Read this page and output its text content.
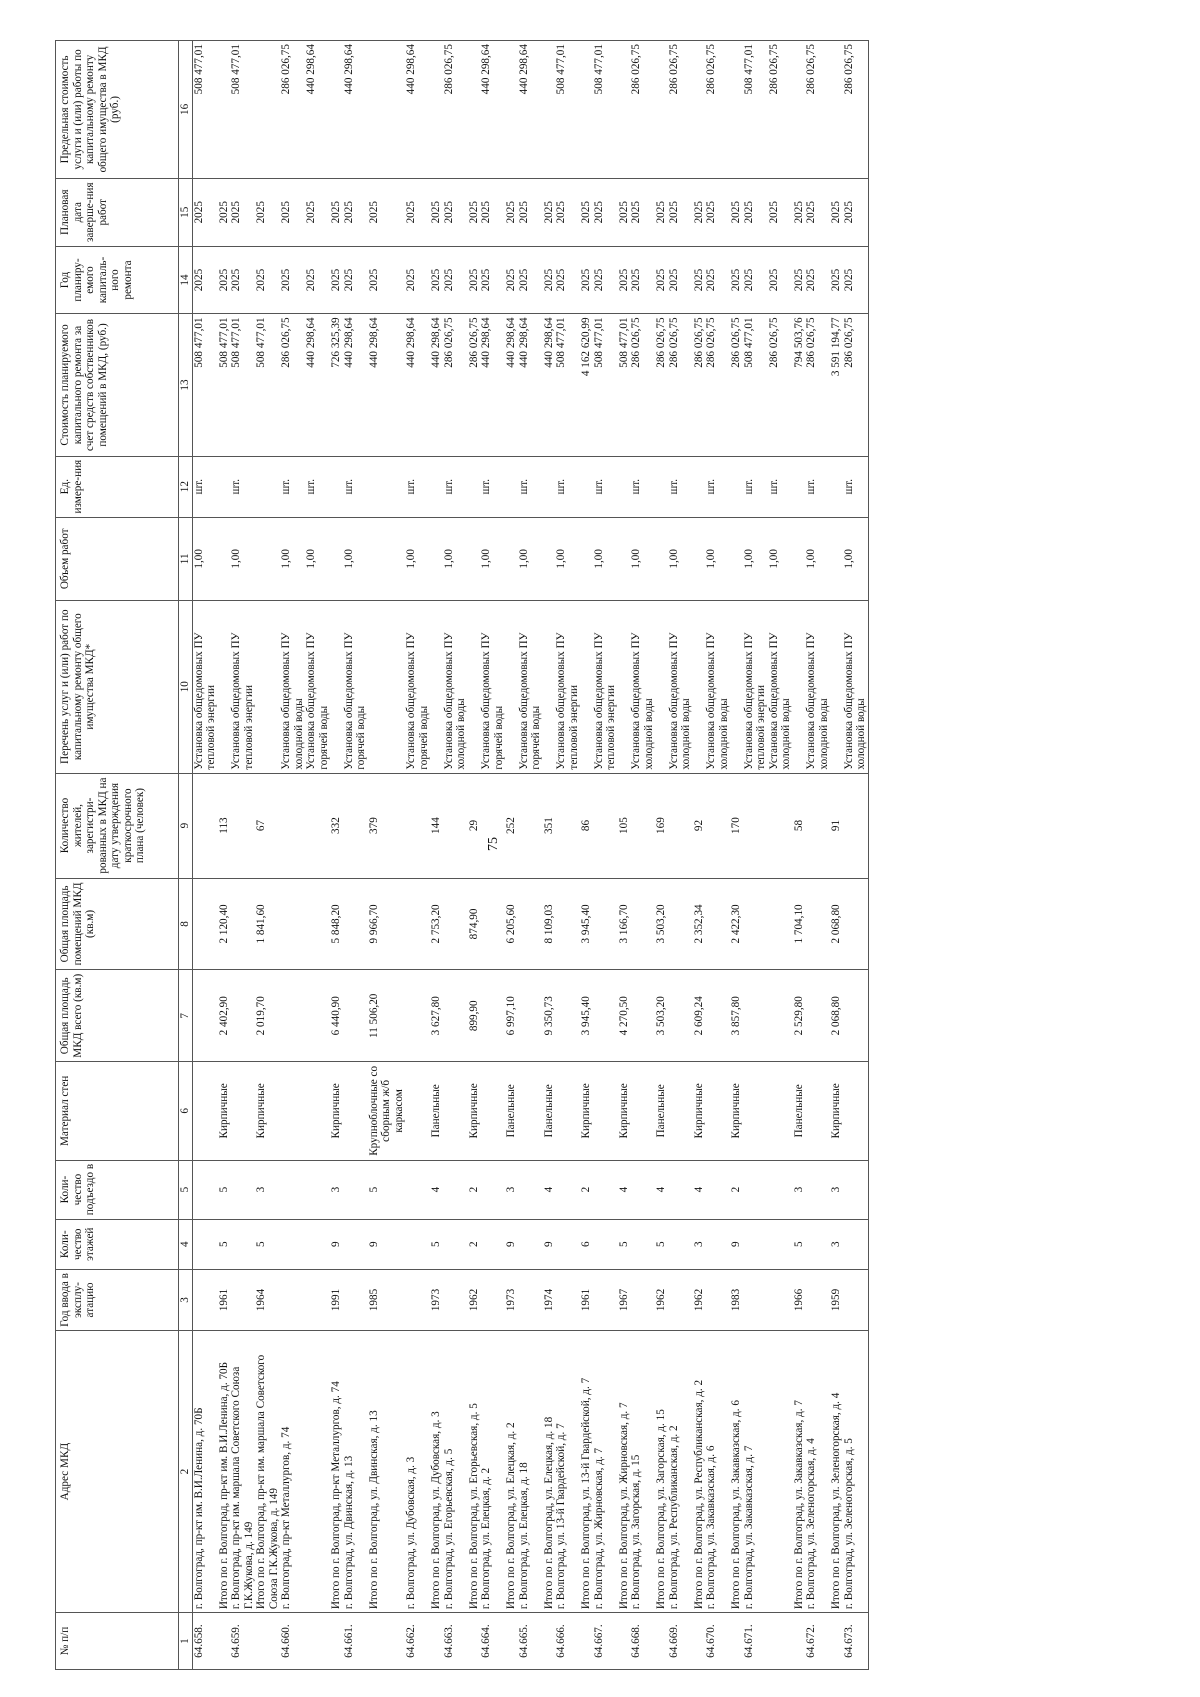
75
№ п/п	Адрес МКД	Год ввода в эксплу-атацию	Коли-чество этажей	Коли-чество подъездо в	Материал стен	Общая площадь МКД всего (кв.м)	Общая площадь помещений МКД (кв.м)	Количество жителей, зарегистри-рованных в МКД на дату утверждения краткосрочного плана (человек)	Перечень услуг и (или) работ по капитальному ремонту общего имущества МКД*	Объем работ	Ед. измере-ния	Стоимость планируемого капитального ремонта за счет средств собственников помещений в МКД, (руб.)	Год планиру-емого капиталь-ного ремонта	Плановая дата заверше-ния работ	Предельная стоимость услуги и (или) работы по капитальному ремонту общего имущества в МКД (руб.)
1	2	3	4	5	6	7	8	9	10	11	12	13	14	15	16
64.658.	г. Волгоград, пр-кт им. В.И.Ленина, д. 70Б								Установка общедомовых ПУ тепловой энергии	1,00	шт.	508 477,01	2025	2025	508 477,01
	Итого по г. Волгоград, пр-кт им. В.И.Ленина, д. 70Б	1961	5	5	Кирпичные	2 402,90	2 120,40	113				508 477,01	2025	2025	
64.659.	г. Волгоград, пр-кт им. маршала Советского Союза Г.К.Жукова, д. 149								Установка общедомовых ПУ тепловой энергии	1,00	шт.	508 477,01	2025	2025	508 477,01
	Итого по г. Волгоград, пр-кт им. маршала Советского Союза Г.К.Жукова, д. 149	1964	5	3	Кирпичные	2 019,70	1 841,60	67				508 477,01	2025	2025	
64.660.	г. Волгоград, пр-кт Металлургов, д. 74								Установка общедомовых ПУ холодной воды	1,00	шт.	286 026,75	2025	2025	286 026,75
									Установка общедомовых ПУ горячей воды	1,00	шт.	440 298,64	2025	2025	440 298,64
	Итого по г. Волгоград, пр-кт Металлургов, д. 74	1991	9	3	Кирпичные	6 440,90	5 848,20	332				726 325,39	2025	2025	
64.661.	г. Волгоград, ул. Двинская, д. 13								Установка общедомовых ПУ горячей воды	1,00	шт.	440 298,64	2025	2025	440 298,64
	Итого по г. Волгоград, ул. Двинская, д. 13	1985	9	5	Крупноблочные со сборным ж/б каркасом	11 506,20	9 966,70	379				440 298,64	2025	2025	
64.662.	г. Волгоград, ул. Дубовская, д. 3								Установка общедомовых ПУ горячей воды	1,00	шт.	440 298,64	2025	2025	440 298,64
	Итого по г. Волгоград, ул. Дубовская, д. 3	1973	5	4	Панельные	3 627,80	2 753,20	144				440 298,64	2025	2025	
64.663.	г. Волгоград, ул. Егорьевская, д. 5								Установка общедомовых ПУ холодной воды	1,00	шт.	286 026,75	2025	2025	286 026,75
	Итого по г. Волгоград, ул. Егорьевская, д. 5	1962	2	2	Кирпичные	899,90	874,90	29				286 026,75	2025	2025	
64.664.	г. Волгоград, ул. Елецкая, д. 2								Установка общедомовых ПУ горячей воды	1,00	шт.	440 298,64	2025	2025	440 298,64
	Итого по г. Волгоград, ул. Елецкая, д. 2	1973	9	3	Панельные	6 997,10	6 205,60	252				440 298,64	2025	2025	
64.665.	г. Волгоград, ул. Елецкая, д. 18								Установка общедомовых ПУ горячей воды	1,00	шт.	440 298,64	2025	2025	440 298,64
	Итого по г. Волгоград, ул. Елецкая, д. 18	1974	9	4	Панельные	9 350,73	8 109,03	351				440 298,64	2025	2025	
64.666.	г. Волгоград, ул. 13-й Гвардейской, д. 7								Установка общедомовых ПУ тепловой энергии	1,00	шт.	508 477,01	2025	2025	508 477,01
	Итого по г. Волгоград, ул. 13-й Гвардейской, д. 7	1961	6	2	Кирпичные	3 945,40	3 945,40	86				4 162 620,99	2025	2025	
64.667.	г. Волгоград, ул. Жирновская, д. 7								Установка общедомовых ПУ тепловой энергии	1,00	шт.	508 477,01	2025	2025	508 477,01
	Итого по г. Волгоград, ул. Жирновская, д. 7	1967	5	4	Кирпичные	4 270,50	3 166,70	105				508 477,01	2025	2025	
64.668.	г. Волгоград, ул. Загорская, д. 15								Установка общедомовых ПУ холодной воды	1,00	шт.	286 026,75	2025	2025	286 026,75
	Итого по г. Волгоград, ул. Загорская, д. 15	1962	5	4	Панельные	3 503,20	3 503,20	169				286 026,75	2025	2025	
64.669.	г. Волгоград, ул. Республиканская, д. 2								Установка общедомовых ПУ холодной воды	1,00	шт.	286 026,75	2025	2025	286 026,75
	Итого по г. Волгоград, ул. Республиканская, д. 2	1962	3	4	Кирпичные	2 609,24	2 352,34	92				286 026,75	2025	2025	
64.670.	г. Волгоград, ул. Закавказская, д. 6								Установка общедомовых ПУ холодной воды	1,00	шт.	286 026,75	2025	2025	286 026,75
	Итого по г. Волгоград, ул. Закавказская, д. 6	1983	9	2	Кирпичные	3 857,80	2 422,30	170				286 026,75	2025	2025	
64.671.	г. Волгоград, ул. Закавказская, д. 7								Установка общедомовых ПУ тепловой энергии	1,00	шт.	508 477,01	2025	2025	508 477,01
									Установка общедомовых ПУ холодной воды	1,00	шт.	286 026,75	2025	2025	286 026,75
	Итого по г. Волгоград, ул. Закавказская, д. 7	1966	5	3	Панельные	2 529,80	1 704,10	58				794 503,76	2025	2025	
64.672.	г. Волгоград, ул. Зеленогорская, д. 4								Установка общедомовых ПУ холодной воды	1,00	шт.	286 026,75	2025	2025	286 026,75
	Итого по г. Волгоград, ул. Зеленогорская, д. 4	1959	3	3	Кирпичные	2 068,80	2 068,80	91				3 591 194,77	2025	2025	
64.673.	г. Волгоград, ул. Зеленогорская, д. 5								Установка общедомовых ПУ холодной воды	1,00	шт.	286 026,75	2025	2025	286 026,75
